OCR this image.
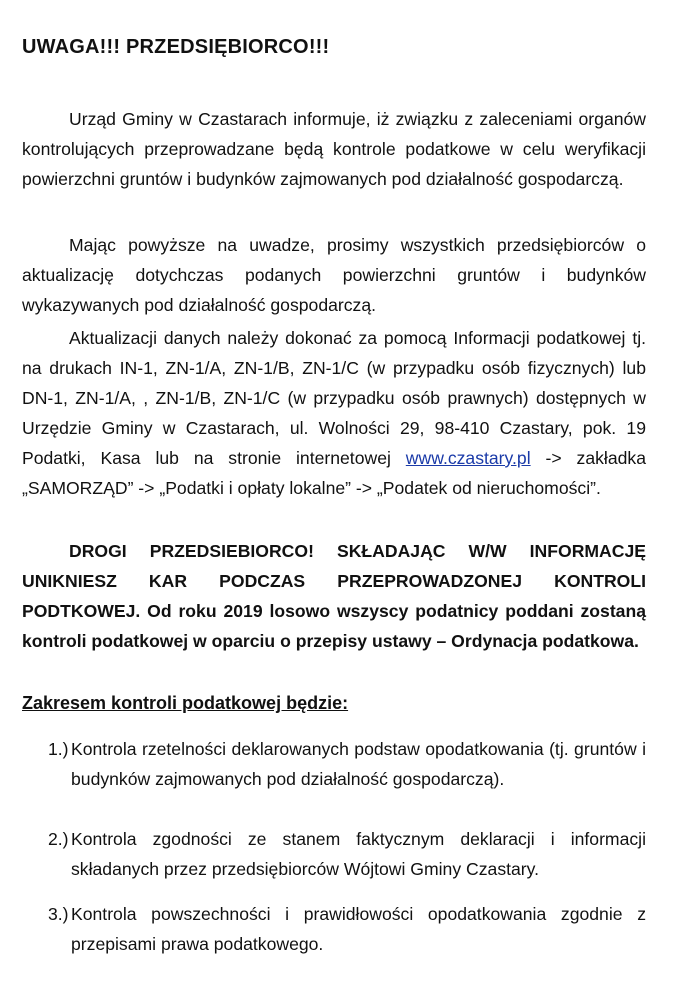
UWAGA!!! PRZEDSIĘBIORCO!!!
Urząd Gminy w Czastarach informuje, iż związku z zaleceniami organów kontrolujących przeprowadzane będą kontrole podatkowe w celu weryfikacji powierzchni gruntów i budynków zajmowanych pod działalność gospodarczą.
Mając powyższe na uwadze, prosimy wszystkich przedsiębiorców o aktualizację dotychczas podanych powierzchni gruntów i budynków wykazywanych pod działalność gospodarczą.
Aktualizacji danych należy dokonać za pomocą Informacji podatkowej tj. na drukach IN-1, ZN-1/A, ZN-1/B, ZN-1/C (w przypadku osób fizycznych) lub DN-1, ZN-1/A, , ZN-1/B, ZN-1/C (w przypadku osób prawnych) dostępnych w Urzędzie Gminy w Czastarach, ul. Wolności 29, 98-410 Czastary, pok. 19 Podatki, Kasa lub na stronie internetowej www.czastary.pl -> zakładka „SAMORZĄD” -> „Podatki i opłaty lokalne” -> „Podatek od nieruchomości”.
DROGI PRZEDSIEBIORCO! SKŁADAJĄC W/W INFORMACJĘ UNIKNIESZ KAR PODCZAS PRZEPROWADZONEJ KONTROLI PODTKOWEJ. Od roku 2019 losowo wszyscy podatnicy poddani zostaną kontroli podatkowej w oparciu o przepisy ustawy – Ordynacja podatkowa.
Zakresem kontroli podatkowej będzie:
1.) Kontrola rzetelności deklarowanych podstaw opodatkowania (tj. gruntów i budynków zajmowanych pod działalność gospodarczą).
2.) Kontrola zgodności ze stanem faktycznym deklaracji i informacji składanych przez przedsiębiorców Wójtowi Gminy Czastary.
3.) Kontrola powszechności i prawidłowości opodatkowania zgodnie z przepisami prawa podatkowego.
